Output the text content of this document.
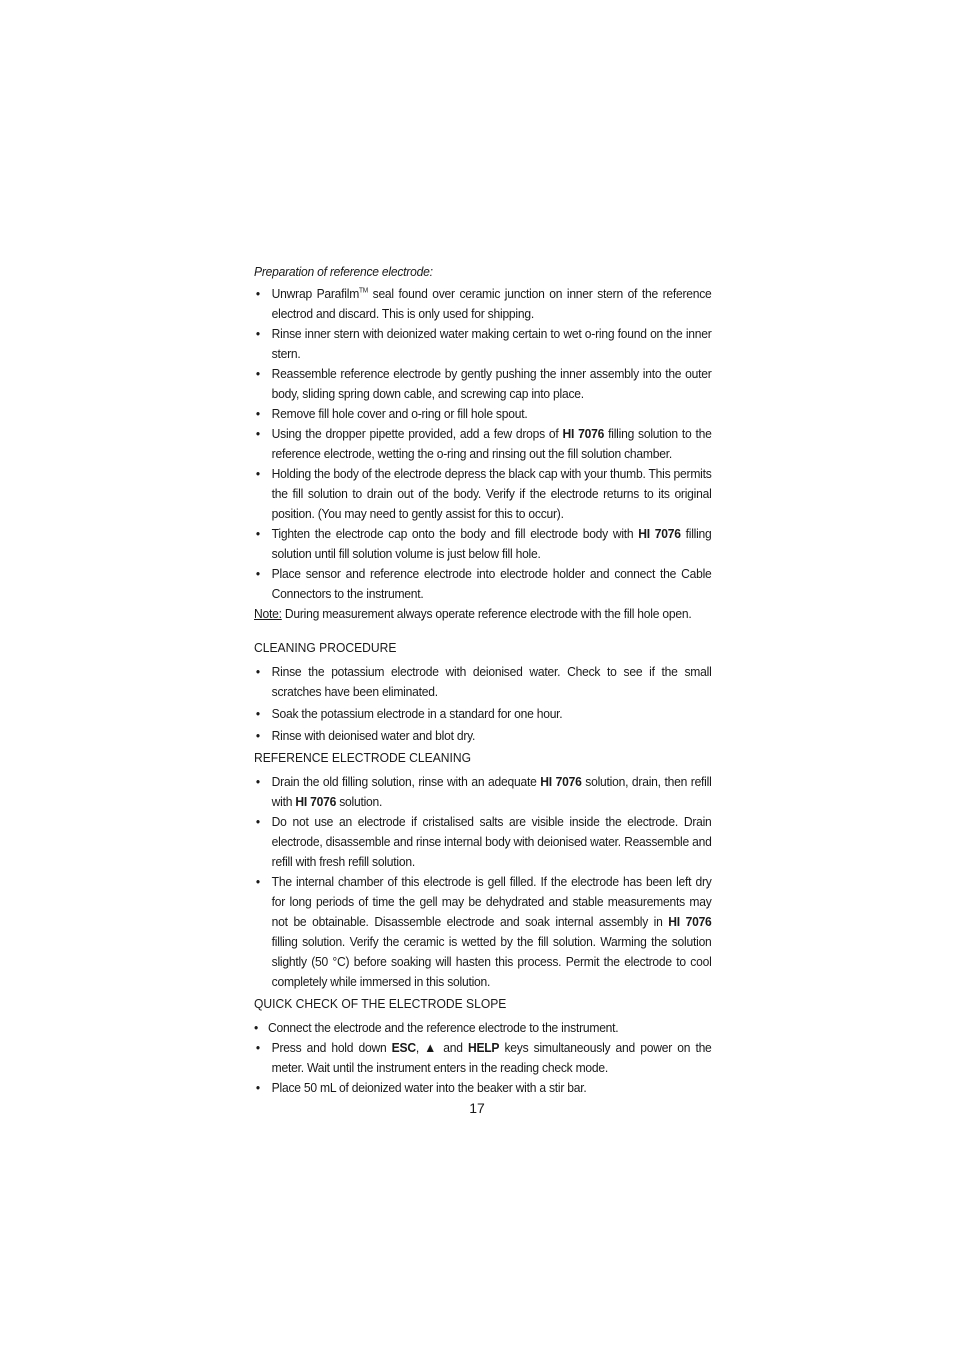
Preparation of reference electrode:
• Unwrap Parafilm™ seal found over ceramic junction on inner stern of the reference electrod and discard. This is only used for shipping.
• Rinse inner stern with deionized water making certain to wet o-ring found on the inner stern.
• Reassemble reference electrode by gently pushing the inner assembly into the outer body, sliding spring down cable, and screwing cap into place.
• Remove fill hole cover and o-ring or fill hole spout.
• Using the dropper pipette provided, add a few drops of HI 7076 filling solution to the reference electrode, wetting the o-ring and rinsing out the fill solution chamber.
• Holding the body of the electrode depress the black cap with your thumb. This permits the fill solution to drain out of the body. Verify if the electrode returns to its original position. (You may need to gently assist for this to occur).
• Tighten the electrode cap onto the body and fill electrode body with HI 7076 filling solution until fill solution volume is just below fill hole.
• Place sensor and reference electrode into electrode holder and connect the Cable Connectors to the instrument.

Note: During measurement always operate reference electrode with the fill hole open.

CLEANING PROCEDURE
• Rinse the potassium electrode with deionised water. Check to see if the small scratches have been eliminated.
• Soak the potassium electrode in a standard for one hour.
• Rinse with deionised water and blot dry.
REFERENCE ELECTRODE CLEANING
• Drain the old filling solution, rinse with an adequate HI 7076 solution, drain, then refill with HI 7076 solution.
• Do not use an electrode if cristalised salts are visible inside the electrode. Drain electrode, disassemble and rinse internal body with deionised water. Reassemble and refill with fresh refill solution.
• The internal chamber of this electrode is gell filled. If the electrode has been left dry for long periods of time the gell may be dehydrated and stable measurements may not be obtainable. Disassemble electrode and soak internal assembly in HI 7076 filling solution. Verify the ceramic is wetted by the fill solution. Warming the solution slightly (50 °C) before soaking will hasten this process. Permit the electrode to cool completely while immersed in this solution.
QUICK CHECK OF THE ELECTRODE SLOPE
• Connect the electrode and the reference electrode to the instrument.
• Press and hold down ESC, ▲ and HELP keys simultaneously and power on the meter. Wait until the instrument enters in the reading check mode.
• Place 50 mL of deionized water into the beaker with a stir bar.
17
